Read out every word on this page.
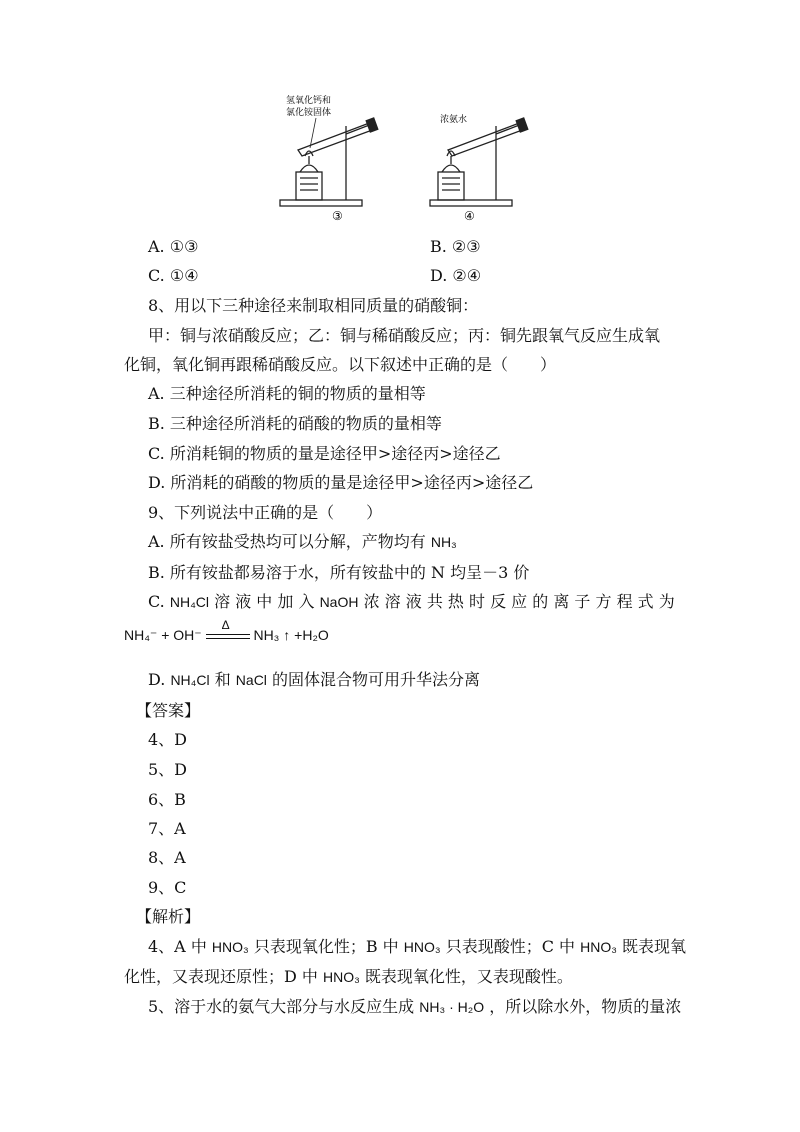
氢氧化钙和
氯化铵固体
③
浓氨水
④
A. ①③	B. ②③
C. ①④	D. ②④
8、用以下三种途径来制取相同质量的硝酸铜：
甲：铜与浓硝酸反应；乙：铜与稀硝酸反应；丙：铜先跟氧气反应生成氧
化铜，氧化铜再跟稀硝酸反应。以下叙述中正确的是（　　）
A. 三种途径所消耗的铜的物质的量相等
B. 三种途径所消耗的硝酸的物质的量相等
C. 所消耗铜的物质的量是途径甲>途径丙>途径乙
D. 所消耗的硝酸的物质的量是途径甲>途径丙>途径乙
9、下列说法中正确的是（　　）
A. 所有铵盐受热均可以分解，产物均有 NH₃
B. 所有铵盐都易溶于水，所有铵盐中的 N 均呈－3 价
C. NH₄Cl 溶 液 中 加 入 NaOH 浓 溶 液 共 热 时 反 应 的 离 子 方 程 式 为
NH₄⁻ + OH⁻
Δ
NH₃ ↑ +H₂O
D. NH₄Cl 和 NaCl 的固体混合物可用升华法分离
【答案】
4、D
5、D
6、B
7、A
8、A
9、C
【解析】
4、A 中 HNO₃ 只表现氧化性；B 中 HNO₃ 只表现酸性；C 中 HNO₃ 既表现氧
化性，又表现还原性；D 中 HNO₃ 既表现氧化性，又表现酸性。
5、溶于水的氨气大部分与水反应生成 NH₃ · H₂O ，所以除水外，物质的量浓
